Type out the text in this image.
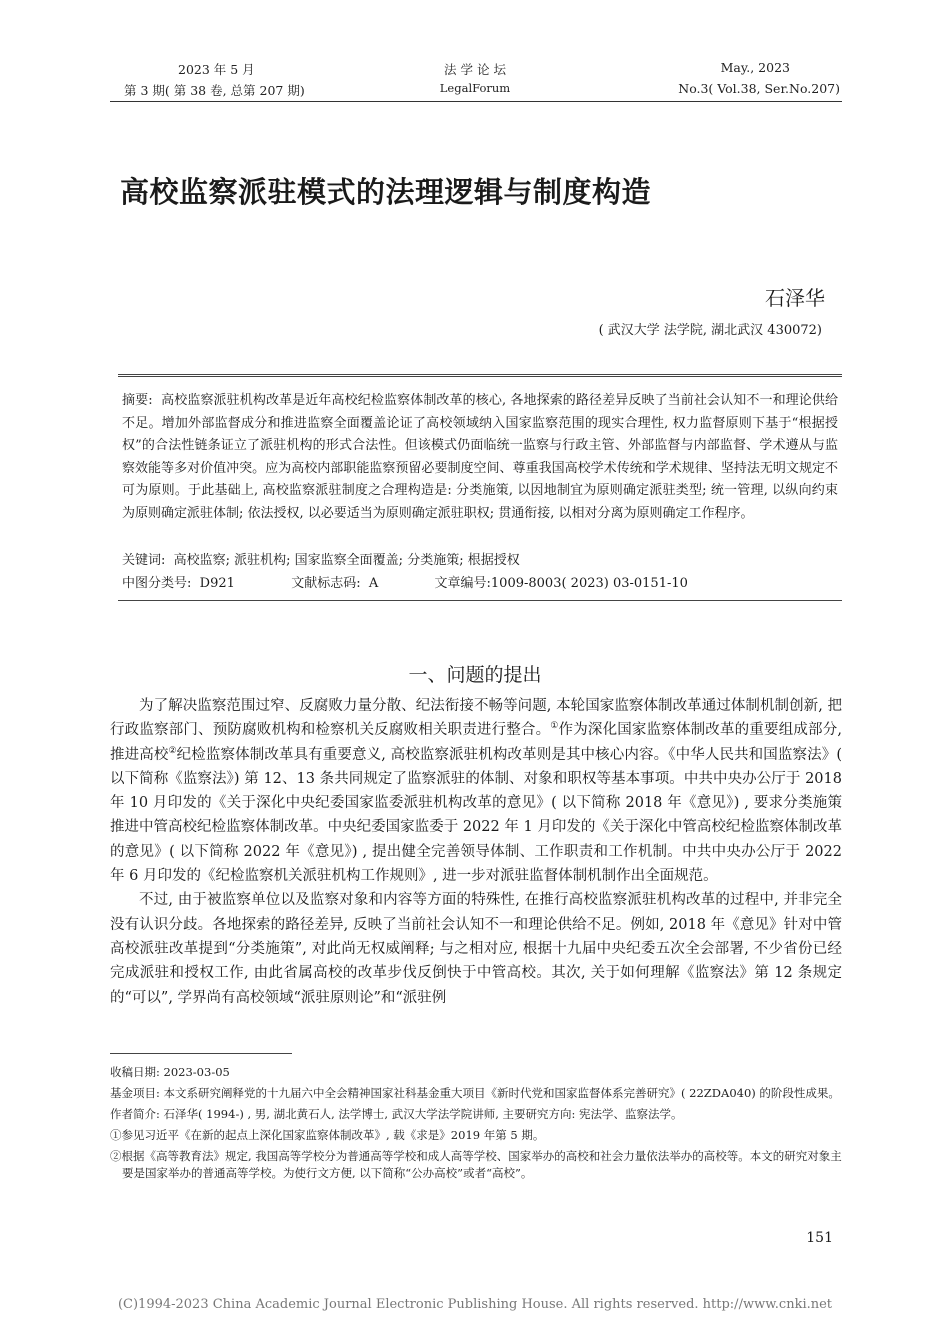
2023 年 5 月
第 3 期( 第 38 卷, 总第 207 期)
法 学 论 坛
LegalForum
May., 2023
No.3( Vol.38, Ser.No.207)
高校监察派驻模式的法理逻辑与制度构造
石泽华
( 武汉大学 法学院, 湖北武汉 430072)

摘要: 高校监察派驻机构改革是近年高校纪检监察体制改革的核心, 各地探索的路径差异反映了当前社会认知不一和理论供给不足。增加外部监督成分和推进监察全面覆盖论证了高校领域纳入国家监察范围的现实合理性, 权力监督原则下基于“根据授权”的合法性链条证立了派驻机构的形式合法性。但该模式仍面临统一监察与行政主管、外部监督与内部监督、学术遵从与监察效能等多对价值冲突。应为高校内部职能监察预留必要制度空间、尊重我国高校学术传统和学术规律、坚持法无明文规定不可为原则。于此基础上, 高校监察派驻制度之合理构造是: 分类施策, 以因地制宜为原则确定派驻类型; 统一管理, 以纵向约束为原则确定派驻体制; 依法授权, 以必要适当为原则确定派驻职权; 贯通衔接, 以相对分离为原则确定工作程序。

关键词: 高校监察; 派驻机构; 国家监察全面覆盖; 分类施策; 根据授权
中图分类号: D921	文献标志码: A	文章编号:1009-8003( 2023) 03-0151-10
一、问题的提出

为了解决监察范围过窄、反腐败力量分散、纪法衔接不畅等问题, 本轮国家监察体制改革通过体制机制创新, 把行政监察部门、预防腐败机构和检察机关反腐败相关职责进行整合。①作为深化国家监察体制改革的重要组成部分, 推进高校②纪检监察体制改革具有重要意义, 高校监察派驻机构改革则是其中核心内容。《中华人民共和国监察法》( 以下简称《监察法》) 第 12、13 条共同规定了监察派驻的体制、对象和职权等基本事项。中共中央办公厅于 2018 年 10 月印发的《关于深化中央纪委国家监委派驻机构改革的意见》( 以下简称 2018 年《意见》) , 要求分类施策推进中管高校纪检监察体制改革。中央纪委国家监委于 2022 年 1 月印发的《关于深化中管高校纪检监察体制改革的意见》( 以下简称 2022 年《意见》) , 提出健全完善领导体制、工作职责和工作机制。中共中央办公厅于 2022 年 6 月印发的《纪检监察机关派驻机构工作规则》, 进一步对派驻监督体制机制作出全面规范。

不过, 由于被监察单位以及监察对象和内容等方面的特殊性, 在推行高校监察派驻机构改革的过程中, 并非完全没有认识分歧。各地探索的路径差异, 反映了当前社会认知不一和理论供给不足。例如, 2018 年《意见》针对中管高校派驻改革提到“分类施策”, 对此尚无权威阐释; 与之相对应, 根据十九届中央纪委五次全会部署, 不少省份已经完成派驻和授权工作, 由此省属高校的改革步伐反倒快于中管高校。其次, 关于如何理解《监察法》第 12 条规定的“可以”, 学界尚有高校领域“派驻原则论”和“派驻例

收稿日期: 2023-03-05

基金项目: 本文系研究阐释党的十九届六中全会精神国家社科基金重大项目《新时代党和国家监督体系完善研究》( 22ZDA040) 的阶段性成果。

作者简介: 石泽华( 1994-) , 男, 湖北黄石人, 法学博士, 武汉大学法学院讲师, 主要研究方向: 宪法学、监察法学。

①参见习近平《在新的起点上深化国家监察体制改革》, 载《求是》2019 年第 5 期。

②根据《高等教育法》规定, 我国高等学校分为普通高等学校和成人高等学校、国家举办的高校和社会力量依法举办的高校等。本文的研究对象主要是国家举办的普通高等学校。为使行文方便, 以下简称“公办高校”或者“高校”。

151
(C)1994-2023 China Academic Journal Electronic Publishing House. All rights reserved. http://www.cnki.net
